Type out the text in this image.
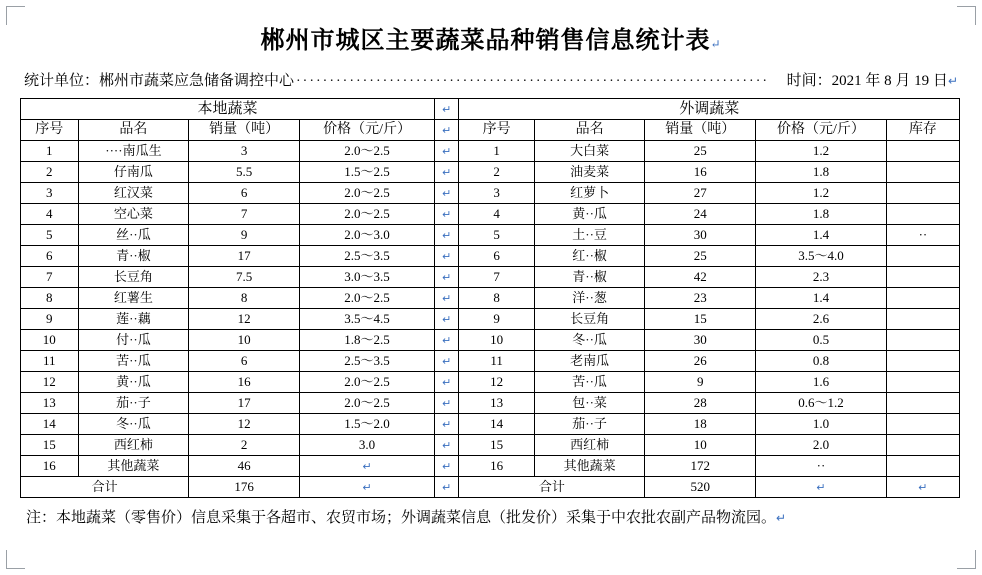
郴州市城区主要蔬菜品种销售信息统计表↵
统计单位：郴州市蔬菜应急储备调控中心 ·······································································	时间：2021 年 8 月 19 日 ↵
本地蔬菜				↵	外调蔬菜				
序号	品名	销量（吨）	价格（元/斤）	↵	序号	品名	销量（吨）	价格（元/斤）	库存
1	····南瓜生	3	2.0～2.5	↵	1	大白菜	25	1.2	
2	仔南瓜	5.5	1.5～2.5	↵	2	油麦菜	16	1.8	
3	红汉菜	6	2.0～2.5	↵	3	红萝卜	27	1.2	
4	空心菜	7	2.0～2.5	↵	4	黄··瓜	24	1.8	
5	丝··瓜	9	2.0～3.0	↵	5	土··豆	30	1.4	··
6	青··椒	17	2.5～3.5	↵	6	红··椒	25	3.5～4.0	
7	长豆角	7.5	3.0～3.5	↵	7	青··椒	42	2.3	
8	红薯生	8	2.0～2.5	↵	8	洋··葱	23	1.4	
9	莲··藕	12	3.5～4.5	↵	9	长豆角	15	2.6	
10	付··瓜	10	1.8～2.5	↵	10	冬··瓜	30	0.5	
11	苦··瓜	6	2.5～3.5	↵	11	老南瓜	26	0.8	
12	黄··瓜	16	2.0～2.5	↵	12	苦··瓜	9	1.6	
13	茄··子	17	2.0～2.5	↵	13	包··菜	28	0.6～1.2	
14	冬··瓜	12	1.5～2.0	↵	14	茄··子	18	1.0	
15	西红柿	2	3.0	↵	15	西红柿	10	2.0	
16	其他蔬菜	46	↵	↵	16	其他蔬菜	172	··	
合计		176	↵	↵	合计		520	↵	↵
注：本地蔬菜（零售价）信息采集于各超市、农贸市场；外调蔬菜信息（批发价）采集于中农批农副产品物流园。↵
